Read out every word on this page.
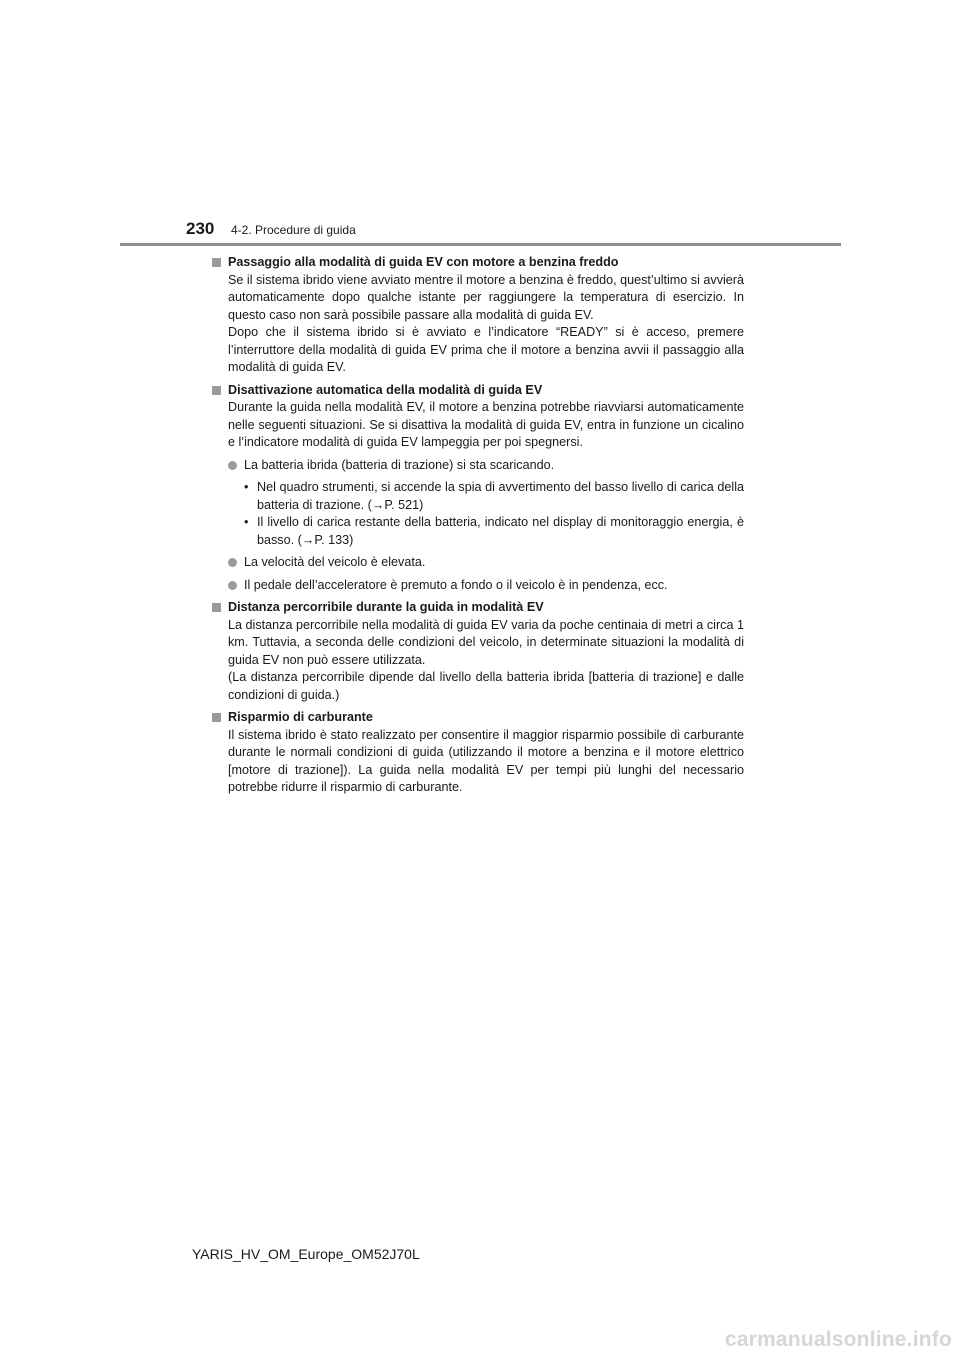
230 4-2. Procedure di guida
Passaggio alla modalità di guida EV con motore a benzina freddo
Se il sistema ibrido viene avviato mentre il motore a benzina è freddo, quest’ultimo si avvierà automaticamente dopo qualche istante per raggiungere la temperatura di esercizio. In questo caso non sarà possibile passare alla modalità di guida EV.
Dopo che il sistema ibrido si è avviato e l’indicatore “READY” si è acceso, premere l’interruttore della modalità di guida EV prima che il motore a benzina avvii il passaggio alla modalità di guida EV.
Disattivazione automatica della modalità di guida EV
Durante la guida nella modalità EV, il motore a benzina potrebbe riavviarsi automaticamente nelle seguenti situazioni. Se si disattiva la modalità di guida EV, entra in funzione un cicalino e l’indicatore modalità di guida EV lampeggia per poi spegnersi.
La batteria ibrida (batteria di trazione) si sta scaricando.
• Nel quadro strumenti, si accende la spia di avvertimento del basso livello di carica della batteria di trazione. (→P. 521)
• Il livello di carica restante della batteria, indicato nel display di monitoraggio energia, è basso. (→P. 133)
La velocità del veicolo è elevata.
Il pedale dell’acceleratore è premuto a fondo o il veicolo è in pendenza, ecc.
Distanza percorribile durante la guida in modalità EV
La distanza percorribile nella modalità di guida EV varia da poche centinaia di metri a circa 1 km. Tuttavia, a seconda delle condizioni del veicolo, in determinate situazioni la modalità di guida EV non può essere utilizzata.
(La distanza percorribile dipende dal livello della batteria ibrida [batteria di trazione] e dalle condizioni di guida.)
Risparmio di carburante
Il sistema ibrido è stato realizzato per consentire il maggior risparmio possibile di carburante durante le normali condizioni di guida (utilizzando il motore a benzina e il motore elettrico [motore di trazione]). La guida nella modalità EV per tempi più lunghi del necessario potrebbe ridurre il risparmio di carburante.
YARIS_HV_OM_Europe_OM52J70L
carmanualsonline.info
